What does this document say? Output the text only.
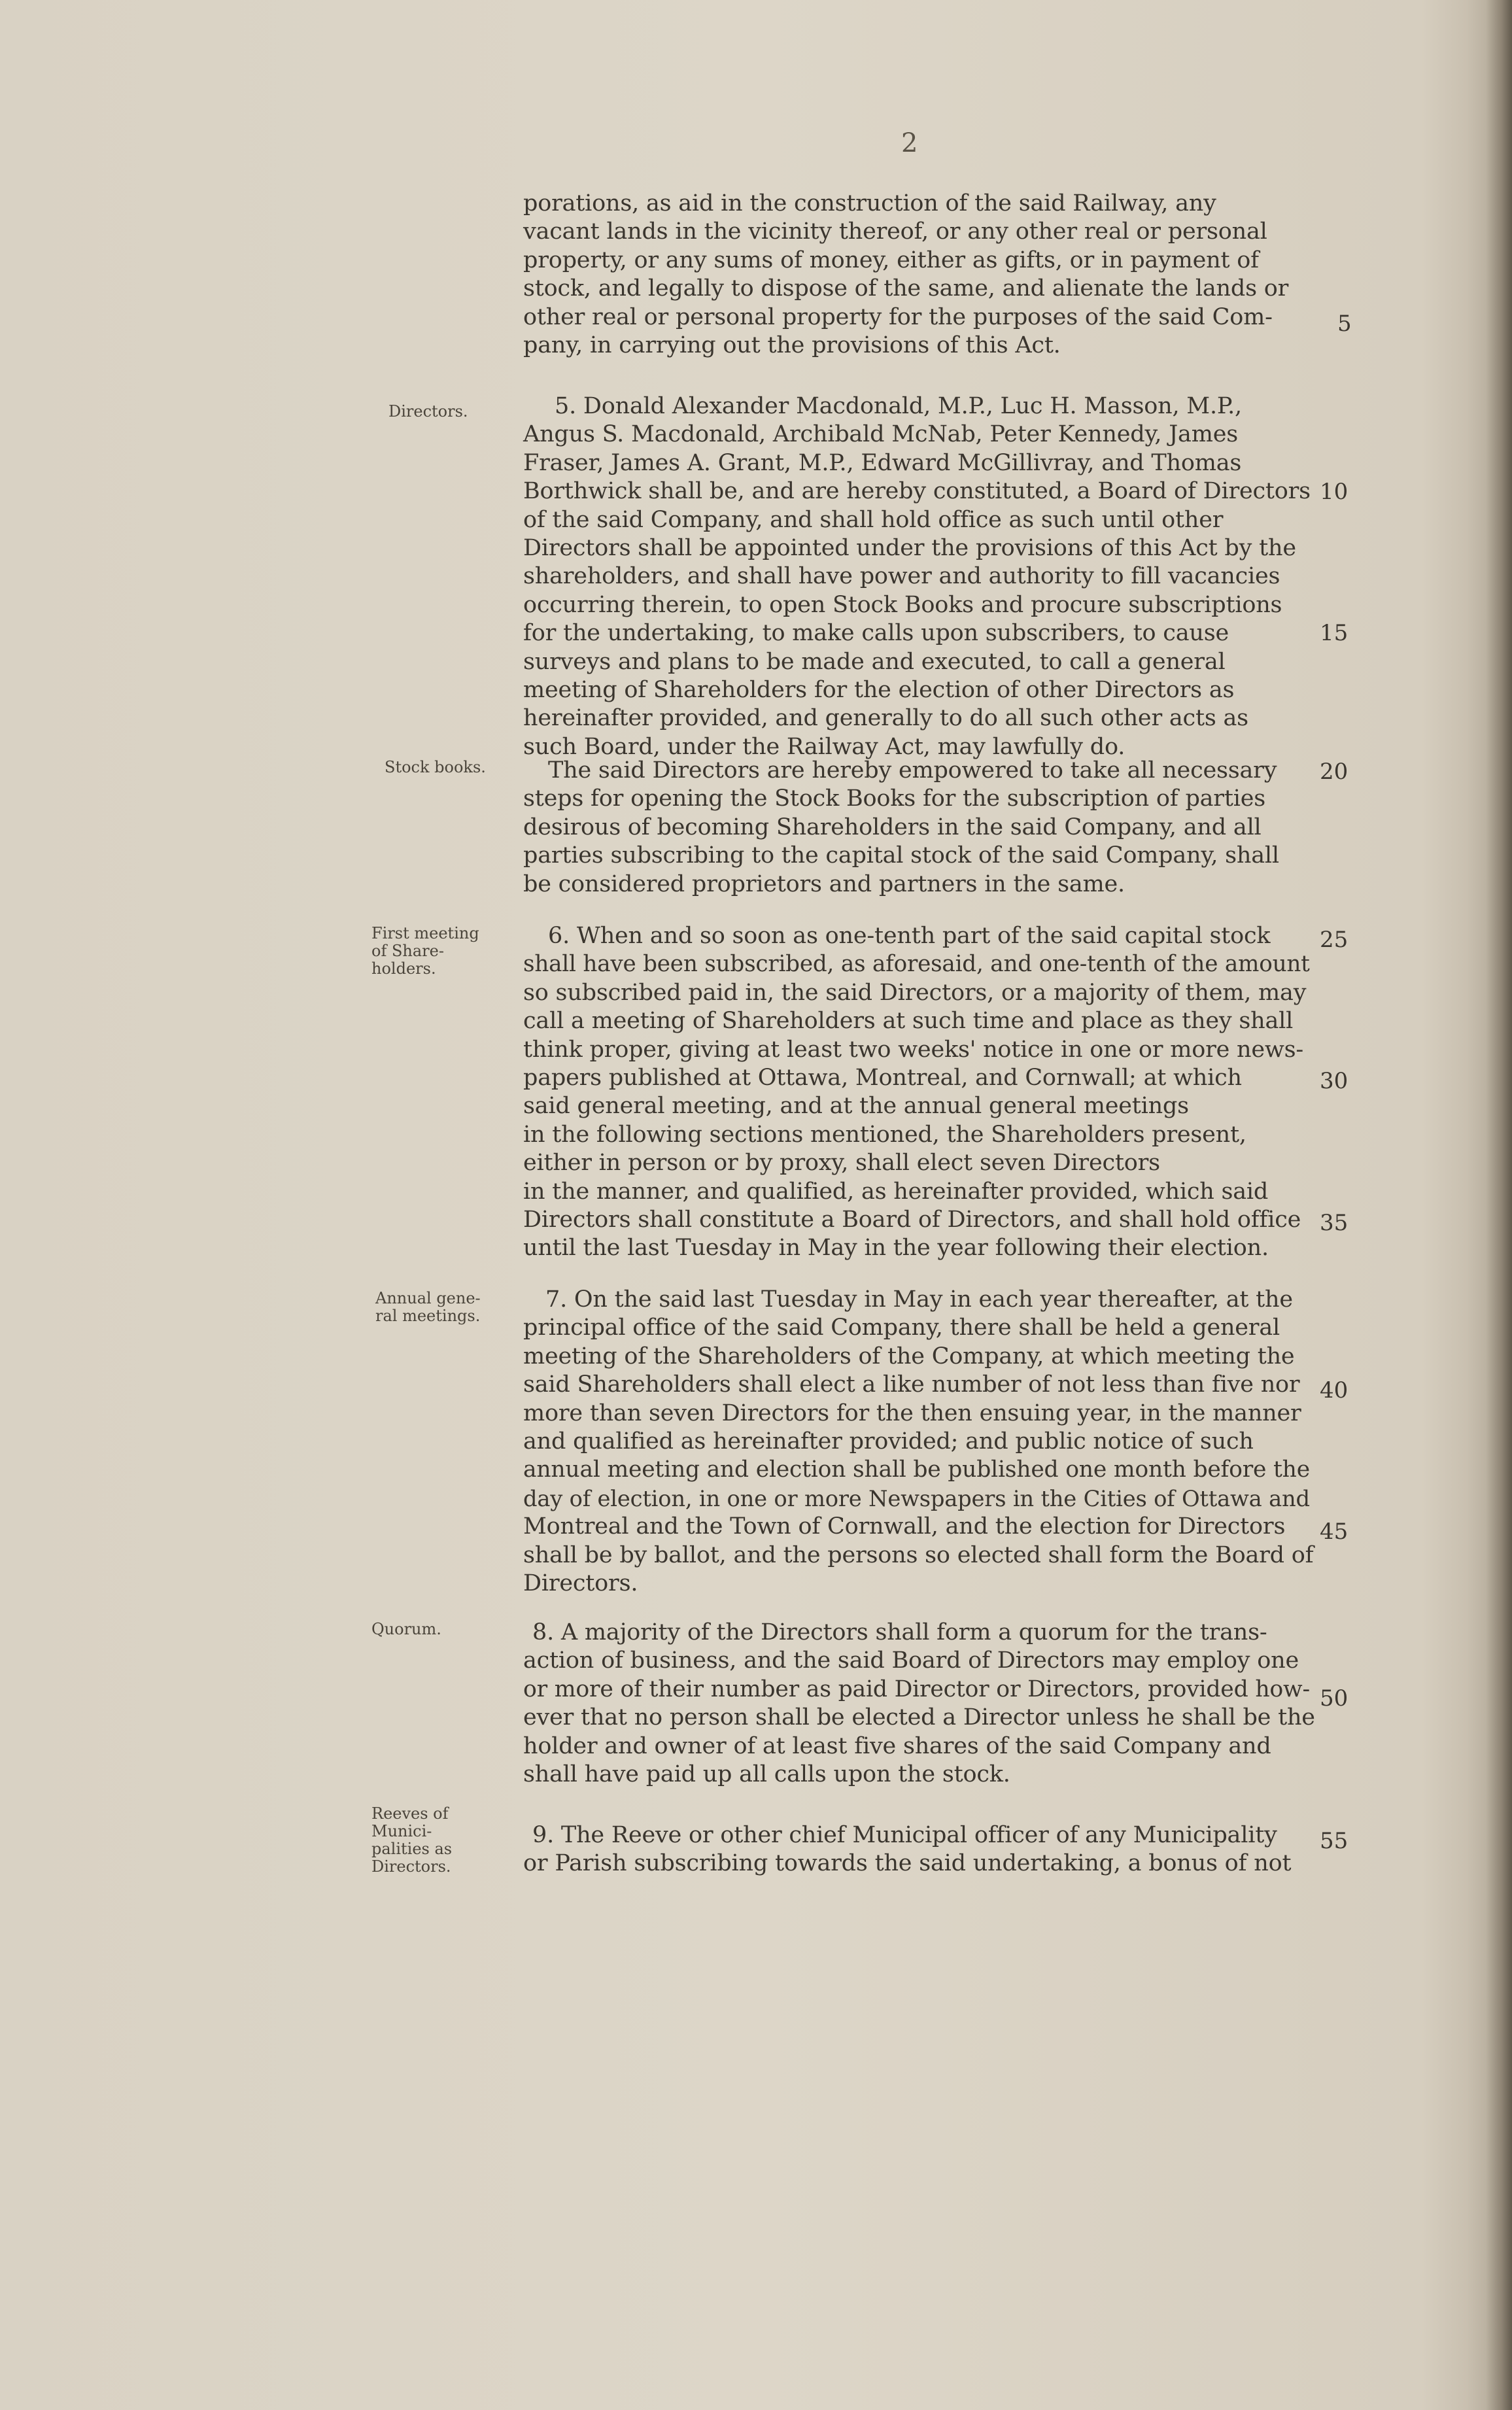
2
porations, as aid in the construction of the said Railway, any
vacant lands in the vicinity thereof, or any other real or personal
property, or any sums of money, either as gifts, or in payment of
stock, and legally to dispose of the same, and alienate the lands or
other real or personal property for the purposes of the said Com-
pany, in carrying out the provisions of this Act.
5. Donald Alexander Macdonald, M.P., Luc H. Masson, M.P.,
Angus S. Macdonald, Archibald McNab, Peter Kennedy, James
Fraser, James A. Grant, M.P., Edward McGillivray, and Thomas
Borthwick shall be, and are hereby constituted, a Board of Directors
of the said Company, and shall hold office as such until other
Directors shall be appointed under the provisions of this Act by the
shareholders, and shall have power and authority to fill vacancies
occurring therein, to open Stock Books and procure subscriptions
for the undertaking, to make calls upon subscribers, to cause
surveys and plans to be made and executed, to call a general
meeting of Shareholders for the election of other Directors as
hereinafter provided, and generally to do all such other acts as
such Board, under the Railway Act, may lawfully do.
The said Directors are hereby empowered to take all necessary
steps for opening the Stock Books for the subscription of parties
desirous of becoming Shareholders in the said Company, and all
parties subscribing to the capital stock of the said Company, shall
be considered proprietors and partners in the same.
6. When and so soon as one-tenth part of the said capital stock
shall have been subscribed, as aforesaid, and one-tenth of the amount
so subscribed paid in, the said Directors, or a majority of them, may
call a meeting of Shareholders at such time and place as they shall
think proper, giving at least two weeks' notice in one or more news-
papers published at Ottawa, Montreal, and Cornwall; at which
said general meeting, and at the annual general meetings
in the following sections mentioned, the Shareholders present,
either in person or by proxy, shall elect seven Directors
in the manner, and qualified, as hereinafter provided, which said
Directors shall constitute a Board of Directors, and shall hold office
until the last Tuesday in May in the year following their election.
7. On the said last Tuesday in May in each year thereafter, at the
principal office of the said Company, there shall be held a general
meeting of the Shareholders of the Company, at which meeting the
said Shareholders shall elect a like number of not less than five nor
more than seven Directors for the then ensuing year, in the manner
and qualified as hereinafter provided; and public notice of such
annual meeting and election shall be published one month before the
day of election, in one or more Newspapers in the Cities of Ottawa and
Montreal and the Town of Cornwall, and the election for Directors
shall be by ballot, and the persons so elected shall form the Board of
Directors.
8. A majority of the Directors shall form a quorum for the trans-
action of business, and the said Board of Directors may employ one
or more of their number as paid Director or Directors, provided how-
ever that no person shall be elected a Director unless he shall be the
holder and owner of at least five shares of the said Company and
shall have paid up all calls upon the stock.
9. The Reeve or other chief Municipal officer of any Municipality
or Parish subscribing towards the said undertaking, a bonus of not
Directors.
Stock books.
First meeting
of Share-
holders.
Annual gene-
ral meetings.
Quorum.
Reeves of
Munici-
palities as
Directors.
5
10
15
20
25
30
35
40
45
50
55
